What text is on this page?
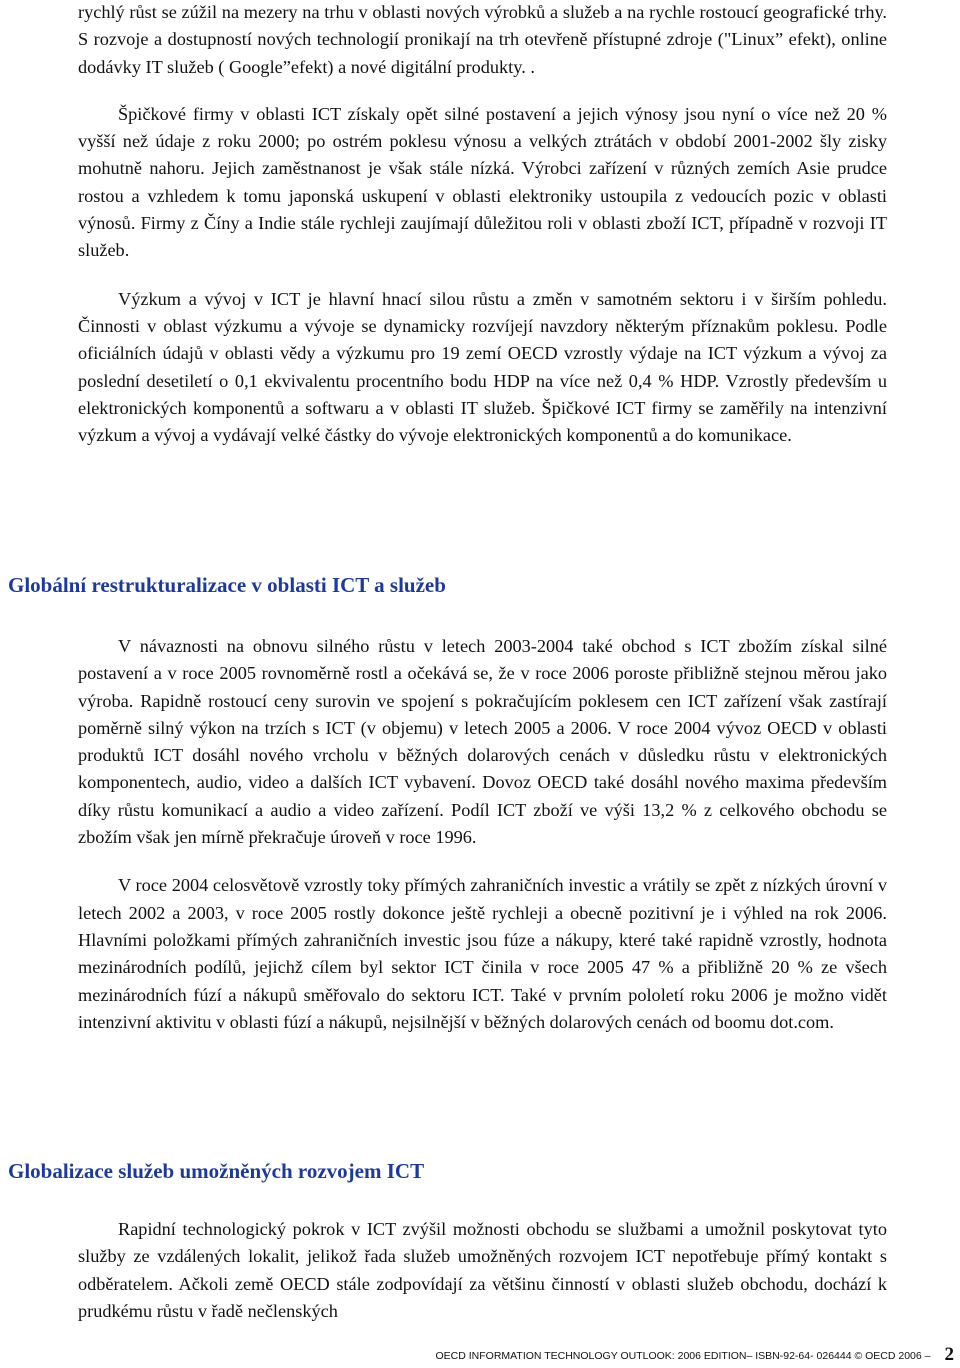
rychlý růst se zúžil na mezery na trhu v oblasti nových výrobků a služeb a na rychle rostoucí geografické trhy. S rozvoje a dostupností nových technologií pronikají na trh otevřeně přístupné zdroje ("Linux” efekt), online dodávky IT služeb ( Google”efekt) a nové digitální produkty. .

Špičkové firmy v oblasti ICT získaly opět silné postavení a jejich výnosy jsou nyní o více než 20 % vyšší než údaje z roku 2000; po ostrém poklesu výnosu a velkých ztrátách v období 2001-2002 šly zisky mohutně nahoru. Jejich zaměstnanost je však stále nízká. Výrobci zařízení v různých zemích Asie prudce rostou a vzhledem k tomu japonská uskupení v oblasti elektroniky ustoupila z vedoucích pozic v oblasti výnosů. Firmy z Číny a Indie stále rychleji zaujímají důležitou roli v oblasti zboží ICT, případně v rozvoji IT služeb.

Výzkum a vývoj v ICT je hlavní hnací silou růstu a změn v samotném sektoru i v širším pohledu. Činnosti v oblast výzkumu a vývoje se dynamicky rozvíjejí navzdory některým příznakům poklesu. Podle oficiálních údajů v oblasti vědy a výzkumu pro 19 zemí OECD vzrostly výdaje na ICT výzkum a vývoj za poslední desetiletí o 0,1 ekvivalentu procentního bodu HDP na více než 0,4 % HDP. Vzrostly především u elektronických komponentů a softwaru a v oblasti IT služeb. Špičkové ICT firmy se zaměřily na intenzivní výzkum a vývoj a vydávají velké částky do vývoje elektronických komponentů a do komunikace.

Globální restrukturalizace v oblasti ICT a služeb

V návaznosti na obnovu silného růstu v letech 2003-2004 také obchod s ICT zbožím získal silné postavení a v roce 2005 rovnoměrně rostl a očekává se, že v roce 2006 poroste přibližně stejnou měrou jako výroba. Rapidně rostoucí ceny surovin ve spojení s pokračujícím poklesem cen ICT zařízení však zastírají poměrně silný výkon na trzích s ICT (v objemu) v letech 2005 a 2006. V roce 2004 vývoz OECD v oblasti produktů ICT dosáhl nového vrcholu v běžných dolarových cenách v důsledku růstu v elektronických komponentech, audio, video a dalších ICT vybavení. Dovoz OECD také dosáhl nového maxima především díky růstu komunikací a audio a video zařízení. Podíl ICT zboží ve výši 13,2 % z celkového obchodu se zbožím však jen mírně překračuje úroveň v roce 1996.

V roce 2004 celosvětově vzrostly toky přímých zahraničních investic a vrátily se zpět z nízkých úrovní v letech 2002 a 2003, v roce 2005 rostly dokonce ještě rychleji a obecně pozitivní je i výhled na rok 2006. Hlavními položkami přímých zahraničních investic jsou fúze a nákupy, které také rapidně vzrostly, hodnota mezinárodních podílů, jejichž cílem byl sektor ICT činila v roce 2005 47 % a přibližně 20 % ze všech mezinárodních fúzí a nákupů směřovalo do sektoru ICT. Také v prvním pololetí roku 2006 je možno vidět intenzivní aktivitu v oblasti fúzí a nákupů, nejsilnější v běžných dolarových cenách od boomu dot.com.

Globalizace služeb umožněných rozvojem ICT

Rapidní technologický pokrok v ICT zvýšil možnosti obchodu se službami a umožnil poskytovat tyto služby ze vzdálených lokalit, jelikož řada služeb umožněných rozvojem ICT nepotřebuje přímý kontakt s odběratelem. Ačkoli země OECD stále zodpovídají za většinu činností v oblasti služeb obchodu, dochází k prudkému růstu v řadě nečlenských

OECD INFORMATION TECHNOLOGY OUTLOOK: 2006 EDITION– ISBN-92-64- 026444 © OECD 2006 – 2
